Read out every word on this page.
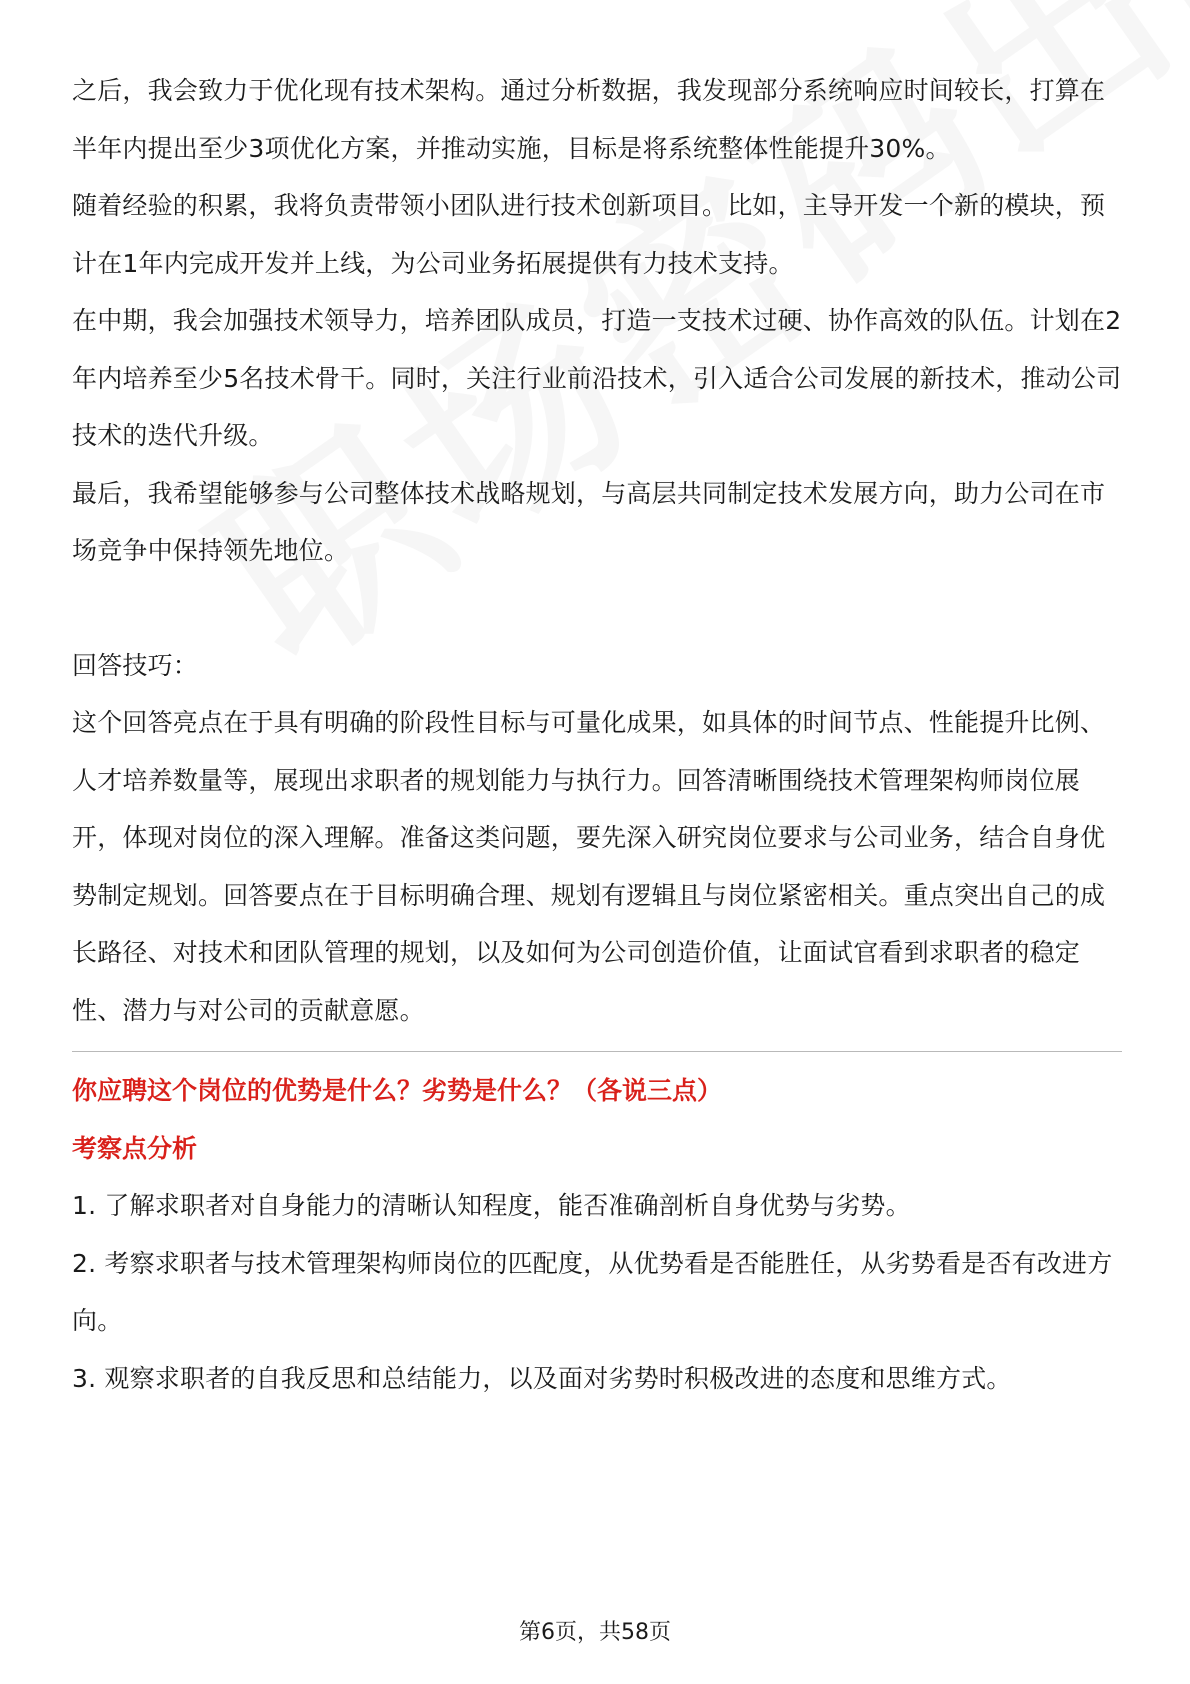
之后，我会致力于优化现有技术架构。通过分析数据，我发现部分系统响应时间较长，打算在半年内提出至少3项优化方案，并推动实施，目标是将系统整体性能提升30%。

随着经验的积累，我将负责带领小团队进行技术创新项目。比如，主导开发一个新的模块，预计在1年内完成开发并上线，为公司业务拓展提供有力技术支持。

在中期，我会加强技术领导力，培养团队成员，打造一支技术过硬、协作高效的队伍。计划在2年内培养至少5名技术骨干。同时，关注行业前沿技术，引入适合公司发展的新技术，推动公司技术的迭代升级。

最后，我希望能够参与公司整体技术战略规划，与高层共同制定技术发展方向，助力公司在市场竞争中保持领先地位。

回答技巧：

这个回答亮点在于具有明确的阶段性目标与可量化成果，如具体的时间节点、性能提升比例、人才培养数量等，展现出求职者的规划能力与执行力。回答清晰围绕技术管理架构师岗位展开，体现对岗位的深入理解。准备这类问题，要先深入研究岗位要求与公司业务，结合自身优势制定规划。回答要点在于目标明确合理、规划有逻辑且与岗位紧密相关。重点突出自己的成长路径、对技术和团队管理的规划，以及如何为公司创造价值，让面试官看到求职者的稳定性、潜力与对公司的贡献意愿。

你应聘这个岗位的优势是什么？劣势是什么？（各说三点）

考察点分析

1. 了解求职者对自身能力的清晰认知程度，能否准确剖析自身优势与劣势。

2. 考察求职者与技术管理架构师岗位的匹配度，从优势看是否能胜任，从劣势看是否有改进方向。

3. 观察求职者的自我反思和总结能力，以及面对劣势时积极改进的态度和思维方式。

第6页，共58页
